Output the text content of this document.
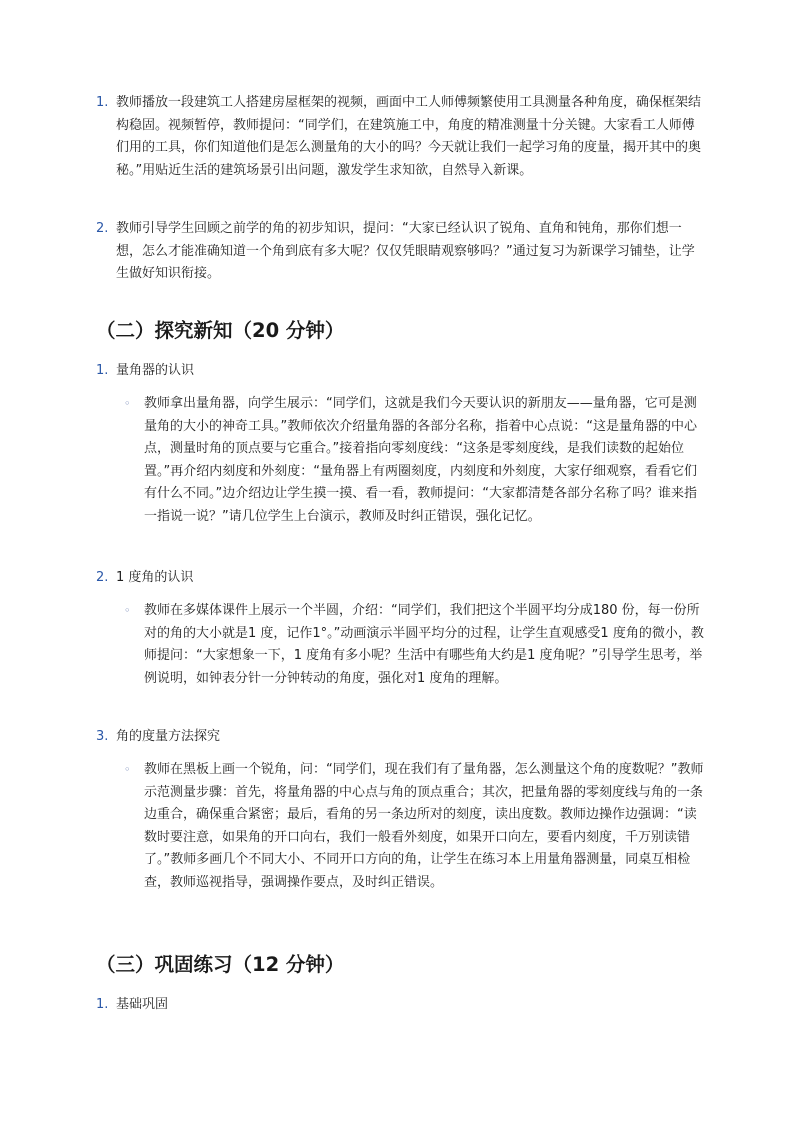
1. 教师播放一段建筑工人搭建房屋框架的视频，画面中工人师傅频繁使用工具测量各种角度，确保框架结构稳固。视频暂停，教师提问：“同学们，在建筑施工中，角度的精准测量十分关键。大家看工人师傅们用的工具，你们知道他们是怎么测量角的大小的吗？今天就让我们一起学习角的度量，揭开其中的奥秘。”用贴近生活的建筑场景引出问题，激发学生求知欲，自然导入新课。
2. 教师引导学生回顾之前学的角的初步知识，提问：“大家已经认识了锐角、直角和钝角，那你们想一想，怎么才能准确知道一个角到底有多大呢？仅仅凭眼睛观察够吗？”通过复习为新课学习铺垫，让学生做好知识衔接。
（二）探究新知（20 分钟）
1. 量角器的认识
◦ 教师拿出量角器，向学生展示：“同学们，这就是我们今天要认识的新朋友——量角器，它可是测量角的大小的神奇工具。”教师依次介绍量角器的各部分名称，指着中心点说：“这是量角器的中心点，测量时角的顶点要与它重合。”接着指向零刻度线：“这条是零刻度线，是我们读数的起始位置。”再介绍内刻度和外刻度：“量角器上有两圈刻度，内刻度和外刻度，大家仔细观察，看看它们有什么不同。”边介绍边让学生摸一摸、看一看，教师提问：“大家都清楚各部分名称了吗？谁来指一指说一说？”请几位学生上台演示，教师及时纠正错误，强化记忆。
2. 1 度角的认识
◦ 教师在多媒体课件上展示一个半圆，介绍：“同学们，我们把这个半圆平均分成180 份，每一份所对的角的大小就是1 度，记作1°。”动画演示半圆平均分的过程，让学生直观感受1 度角的微小，教师提问：“大家想象一下，1 度角有多小呢？生活中有哪些角大约是1 度角呢？”引导学生思考，举例说明，如钟表分针一分钟转动的角度，强化对1 度角的理解。
3. 角的度量方法探究
◦ 教师在黑板上画一个锐角，问：“同学们，现在我们有了量角器，怎么测量这个角的度数呢？”教师示范测量步骤：首先，将量角器的中心点与角的顶点重合；其次，把量角器的零刻度线与角的一条边重合，确保重合紧密；最后，看角的另一条边所对的刻度，读出度数。教师边操作边强调：“读数时要注意，如果角的开口向右，我们一般看外刻度，如果开口向左，要看内刻度，千万别读错了。”教师多画几个不同大小、不同开口方向的角，让学生在练习本上用量角器测量，同桌互相检查，教师巡视指导，强调操作要点，及时纠正错误。
（三）巩固练习（12 分钟）
1. 基础巩固
